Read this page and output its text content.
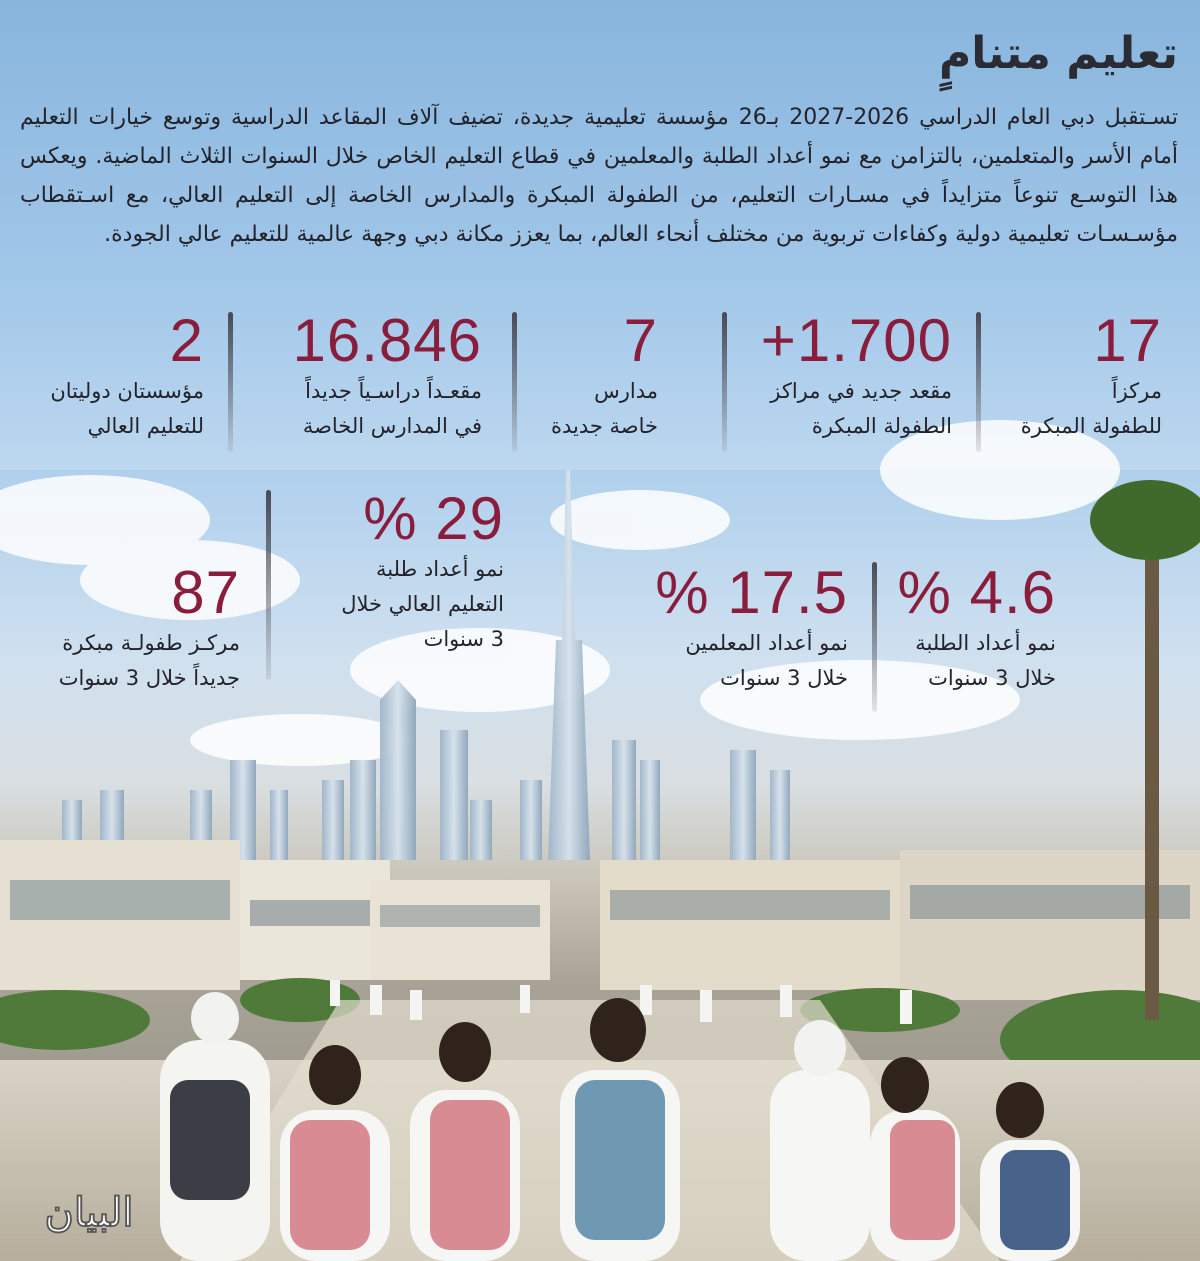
تعليم متنامٍ

تسـتقبل دبي العام الدراسي 2026-2027 بـ26 مؤسسة تعليمية جديدة، تضيف آلاف المقاعد الدراسية وتوسع خيارات التعليم أمام الأسر والمتعلمين، بالتزامن مع نمو أعداد الطلبة والمعلمين في قطاع التعليم الخاص خلال السنوات الثلاث الماضية. ويعكس هذا التوسـع تنوعاً متزايداً في مسـارات التعليم، من الطفولة المبكرة والمدارس الخاصة إلى التعليم العالي، مع اسـتقطاب مؤسـسـات تعليمية دولية وكفاءات تربوية من مختلف أنحاء العالم، بما يعزز مكانة دبي وجهة عالمية للتعليم عالي الجودة.

17
مركزاً
للطفولة المبكرة
1.700+
مقعد جديد في مراكز
الطفولة المبكرة
7
مدارس
خاصة جديدة
16.846
مقعـداً دراسـياً جديداً
في المدارس الخاصة
2
مؤسستان دوليتان
للتعليم العالي
4.6 %
نمو أعداد الطلبة
خلال 3 سنوات
17.5 %
نمو أعداد المعلمين
خلال 3 سنوات
29 %
نمو أعداد طلبة
التعليم العالي خلال
3 سنوات
87
مركـز طفولـة مبكرة
جديداً خلال 3 سنوات
البيان
